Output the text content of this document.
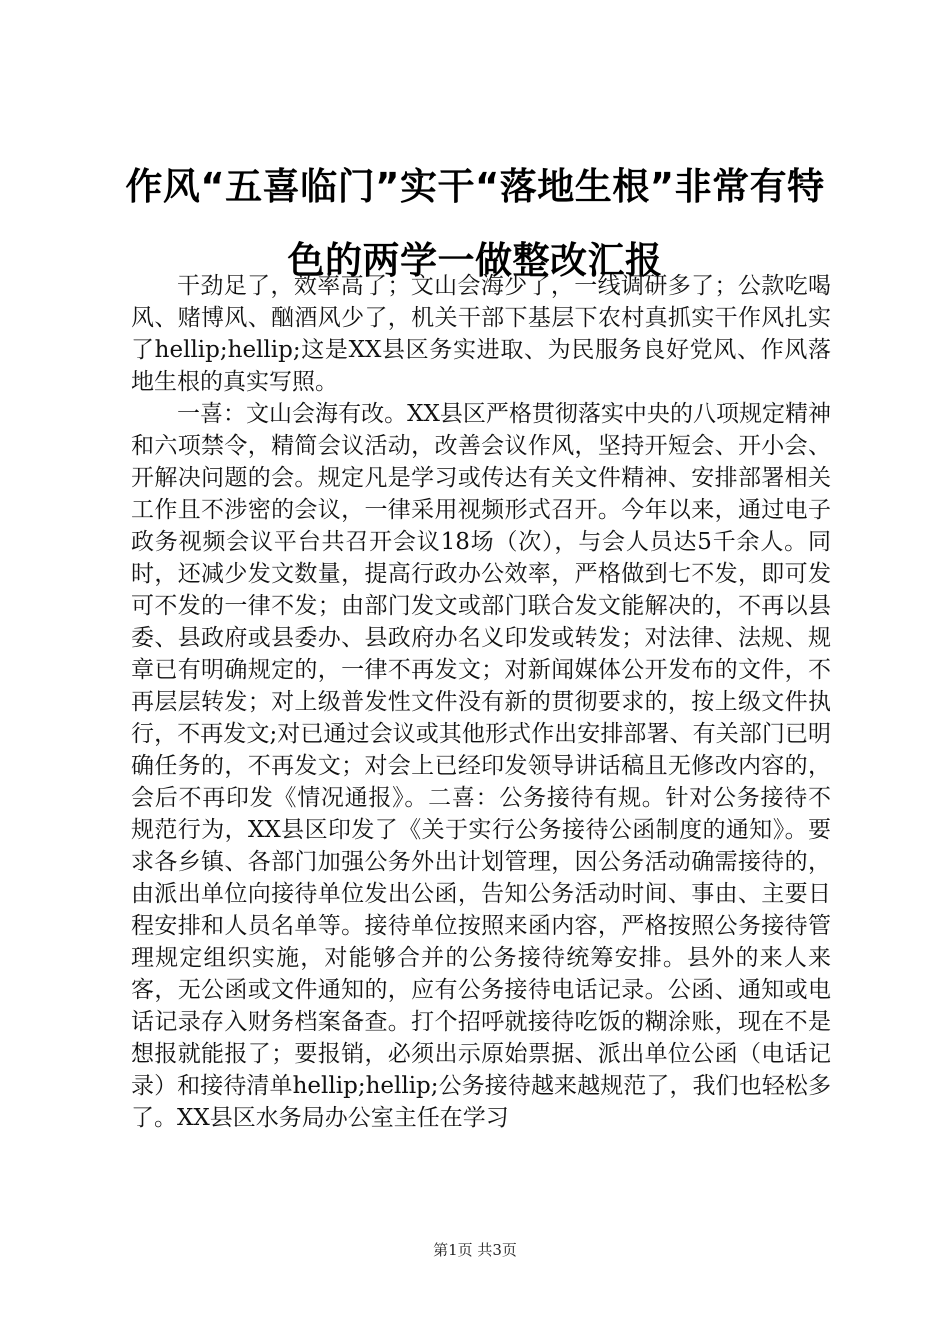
作风“五喜临门”实干“落地生根”非常有特色的两学一做整改汇报

干劲足了，效率高了；文山会海少了，一线调研多了；公款吃喝风、赌博风、酗酒风少了，机关干部下基层下农村真抓实干作风扎实了hellip;hellip;这是XX县区务实进取、为民服务良好党风、作风落地生根的真实写照。

一喜：文山会海有改。XX县区严格贯彻落实中央的八项规定精神和六项禁令，精简会议活动，改善会议作风，坚持开短会、开小会、开解决问题的会。规定凡是学习或传达有关文件精神、安排部署相关工作且不涉密的会议，一律采用视频形式召开。今年以来，通过电子政务视频会议平台共召开会议18场（次），与会人员达5千余人。同时，还减少发文数量，提高行政办公效率，严格做到七不发，即可发可不发的一律不发；由部门发文或部门联合发文能解决的，不再以县委、县政府或县委办、县政府办名义印发或转发；对法律、法规、规章已有明确规定的，一律不再发文；对新闻媒体公开发布的文件，不再层层转发；对上级普发性文件没有新的贯彻要求的，按上级文件执行，不再发文;对已通过会议或其他形式作出安排部署、有关部门已明确任务的，不再发文；对会上已经印发领导讲话稿且无修改内容的，会后不再印发《情况通报》。二喜：公务接待有规。针对公务接待不规范行为，XX县区印发了《关于实行公务接待公函制度的通知》。要求各乡镇、各部门加强公务外出计划管理，因公务活动确需接待的，由派出单位向接待单位发出公函，告知公务活动时间、事由、主要日程安排和人员名单等。接待单位按照来函内容，严格按照公务接待管理规定组织实施，对能够合并的公务接待统筹安排。县外的来人来客，无公函或文件通知的，应有公务接待电话记录。公函、通知或电话记录存入财务档案备查。打个招呼就接待吃饭的糊涂账，现在不是想报就能报了；要报销，必须出示原始票据、派出单位公函（电话记录）和接待清单hellip;hellip;公务接待越来越规范了，我们也轻松多了。XX县区水务局办公室主任在学习

第1页 共3页
